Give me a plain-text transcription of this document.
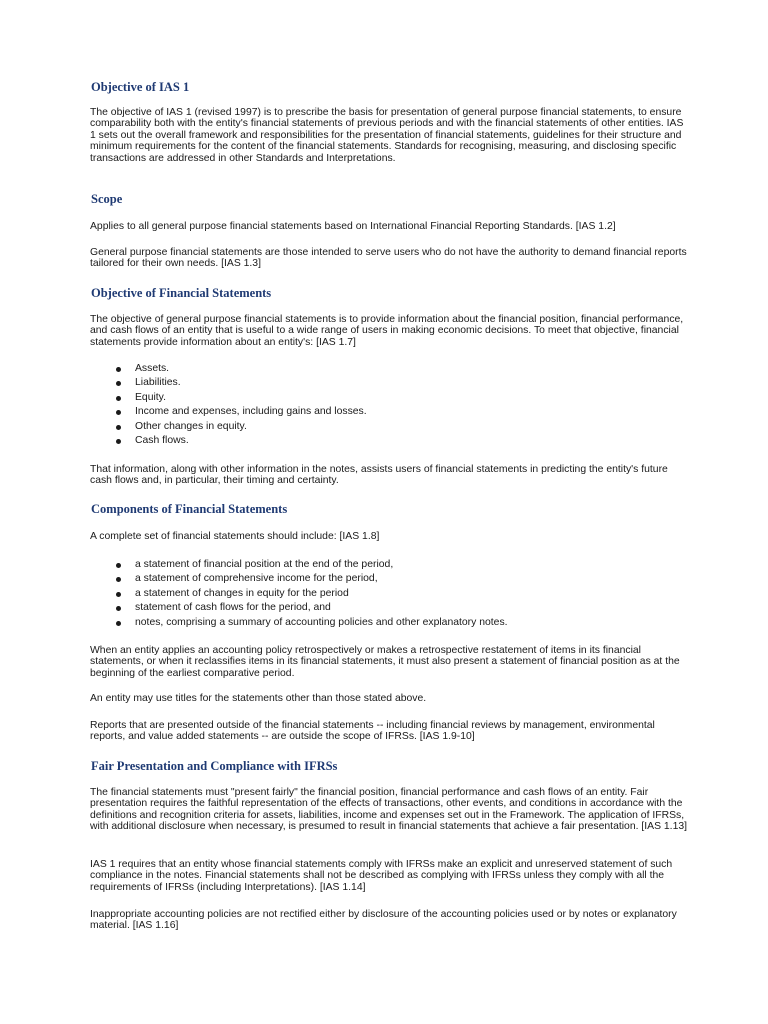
Objective of IAS 1

The objective of IAS 1 (revised 1997) is to prescribe the basis for presentation of general purpose financial statements, to ensure comparability both with the entity's financial statements of previous periods and with the financial statements of other entities. IAS 1 sets out the overall framework and responsibilities for the presentation of financial statements, guidelines for their structure and minimum requirements for the content of the financial statements. Standards for recognising, measuring, and disclosing specific transactions are addressed in other Standards and Interpretations.

Scope

Applies to all general purpose financial statements based on International Financial Reporting Standards. [IAS 1.2]

General purpose financial statements are those intended to serve users who do not have the authority to demand financial reports tailored for their own needs. [IAS 1.3]

Objective of Financial Statements

The objective of general purpose financial statements is to provide information about the financial position, financial performance, and cash flows of an entity that is useful to a wide range of users in making economic decisions. To meet that objective, financial statements provide information about an entity's: [IAS 1.7]

Assets.
Liabilities.
Equity.
Income and expenses, including gains and losses.
Other changes in equity.
Cash flows.

That information, along with other information in the notes, assists users of financial statements in predicting the entity's future cash flows and, in particular, their timing and certainty.

Components of Financial Statements

A complete set of financial statements should include: [IAS 1.8]

a statement of financial position at the end of the period,
a statement of comprehensive income for the period,
a statement of changes in equity for the period
statement of cash flows for the period, and
notes, comprising a summary of accounting policies and other explanatory notes.

When an entity applies an accounting policy retrospectively or makes a retrospective restatement of items in its financial statements, or when it reclassifies items in its financial statements, it must also present a statement of financial position as at the beginning of the earliest comparative period.

An entity may use titles for the statements other than those stated above.

Reports that are presented outside of the financial statements -- including financial reviews by management, environmental reports, and value added statements -- are outside the scope of IFRSs. [IAS 1.9-10]

Fair Presentation and Compliance with IFRSs

The financial statements must "present fairly" the financial position, financial performance and cash flows of an entity. Fair presentation requires the faithful representation of the effects of transactions, other events, and conditions in accordance with the definitions and recognition criteria for assets, liabilities, income and expenses set out in the Framework. The application of IFRSs, with additional disclosure when necessary, is presumed to result in financial statements that achieve a fair presentation. [IAS 1.13]

IAS 1 requires that an entity whose financial statements comply with IFRSs make an explicit and unreserved statement of such compliance in the notes. Financial statements shall not be described as complying with IFRSs unless they comply with all the requirements of IFRSs (including Interpretations). [IAS 1.14]

Inappropriate accounting policies are not rectified either by disclosure of the accounting policies used or by notes or explanatory material. [IAS 1.16]
